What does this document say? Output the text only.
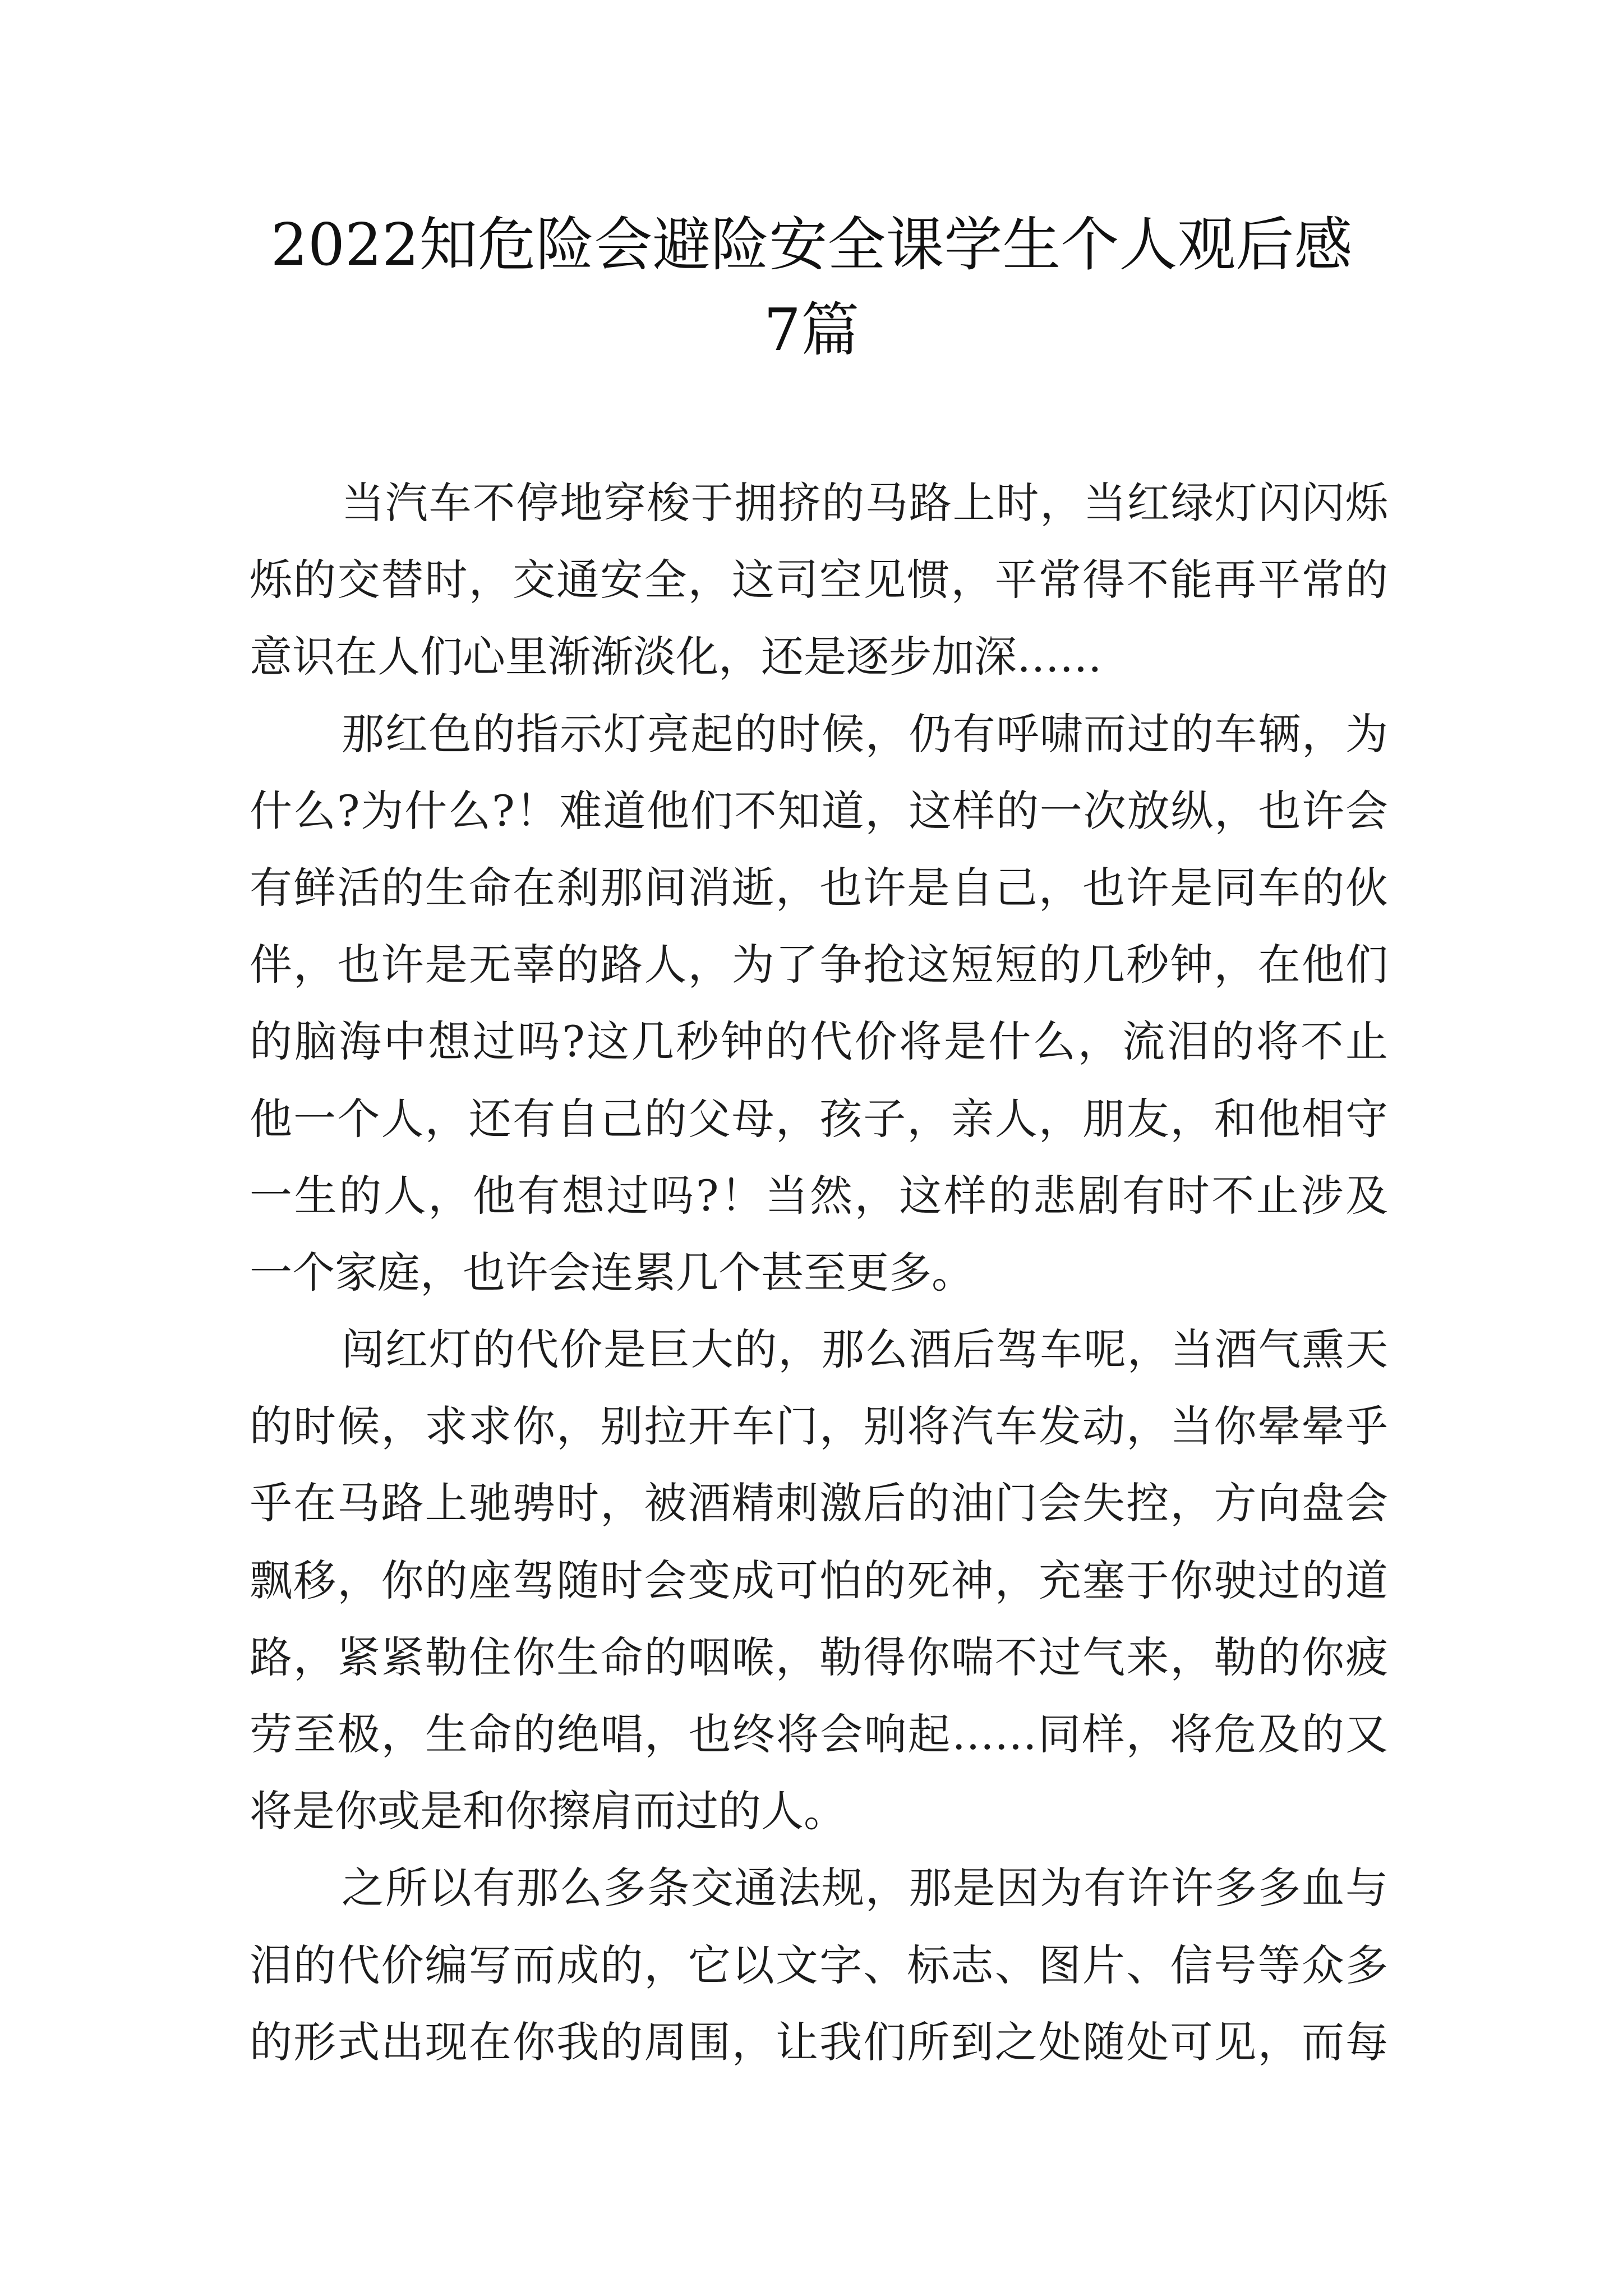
2022知危险会避险安全课学生个人观后感
7篇
当汽车不停地穿梭于拥挤的马路上时，当红绿灯闪闪烁
烁的交替时，交通安全，这司空见惯，平常得不能再平常的
意识在人们心里渐渐淡化，还是逐步加深……
那红色的指示灯亮起的时候，仍有呼啸而过的车辆，为
什么?为什么?！难道他们不知道，这样的一次放纵，也许会
有鲜活的生命在刹那间消逝，也许是自己，也许是同车的伙
伴，也许是无辜的路人，为了争抢这短短的几秒钟，在他们
的脑海中想过吗?这几秒钟的代价将是什么，流泪的将不止
他一个人，还有自己的父母，孩子，亲人，朋友，和他相守
一生的人，他有想过吗?！当然，这样的悲剧有时不止涉及
一个家庭，也许会连累几个甚至更多。
闯红灯的代价是巨大的，那么酒后驾车呢，当酒气熏天
的时候，求求你，别拉开车门，别将汽车发动，当你晕晕乎
乎在马路上驰骋时，被酒精刺激后的油门会失控，方向盘会
飘移，你的座驾随时会变成可怕的死神，充塞于你驶过的道
路，紧紧勒住你生命的咽喉，勒得你喘不过气来，勒的你疲
劳至极，生命的绝唱，也终将会响起……同样，将危及的又
将是你或是和你擦肩而过的人。
之所以有那么多条交通法规，那是因为有许许多多血与
泪的代价编写而成的，它以文字、标志、图片、信号等众多
的形式出现在你我的周围，让我们所到之处随处可见，而每
